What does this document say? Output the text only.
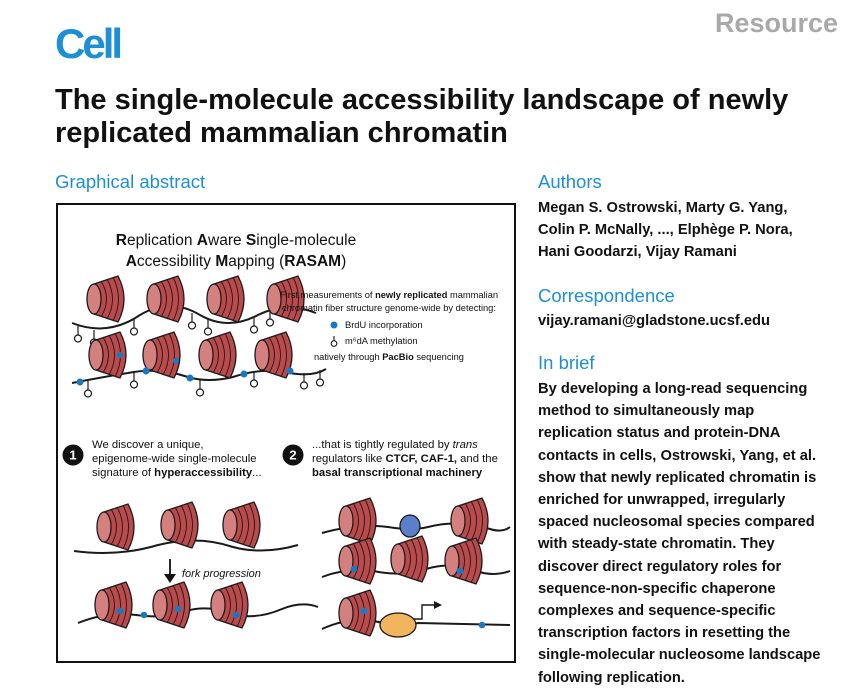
Cell	Resource
The single-molecule accessibility landscape of newly replicated mammalian chromatin
Graphical abstract
Replication Aware Single-molecule
Accessibility Mapping (RASAM)
First measurements of newly replicated mammalian
chromatin fiber structure genome-wide by detecting:
BrdU incorporation
m⁶dA methylation
natively through PacBio sequencing
1
We discover a unique,
epigenome-wide single-molecule
signature of hyperaccessibility...
2
...that is tightly regulated by trans
regulators like CTCF, CAF-1, and the
basal transcriptional machinery
fork progression
Authors
Megan S. Ostrowski, Marty G. Yang,
Colin P. McNally, ..., Elphège P. Nora,
Hani Goodarzi, Vijay Ramani
Correspondence
vijay.ramani@gladstone.ucsf.edu
In brief
By developing a long-read sequencing
method to simultaneously map
replication status and protein-DNA
contacts in cells, Ostrowski, Yang, et al.
show that newly replicated chromatin is
enriched for unwrapped, irregularly
spaced nucleosomal species compared
with steady-state chromatin. They
discover direct regulatory roles for
sequence-non-specific chaperone
complexes and sequence-specific
transcription factors in resetting the
single-molecular nucleosome landscape
following replication.
